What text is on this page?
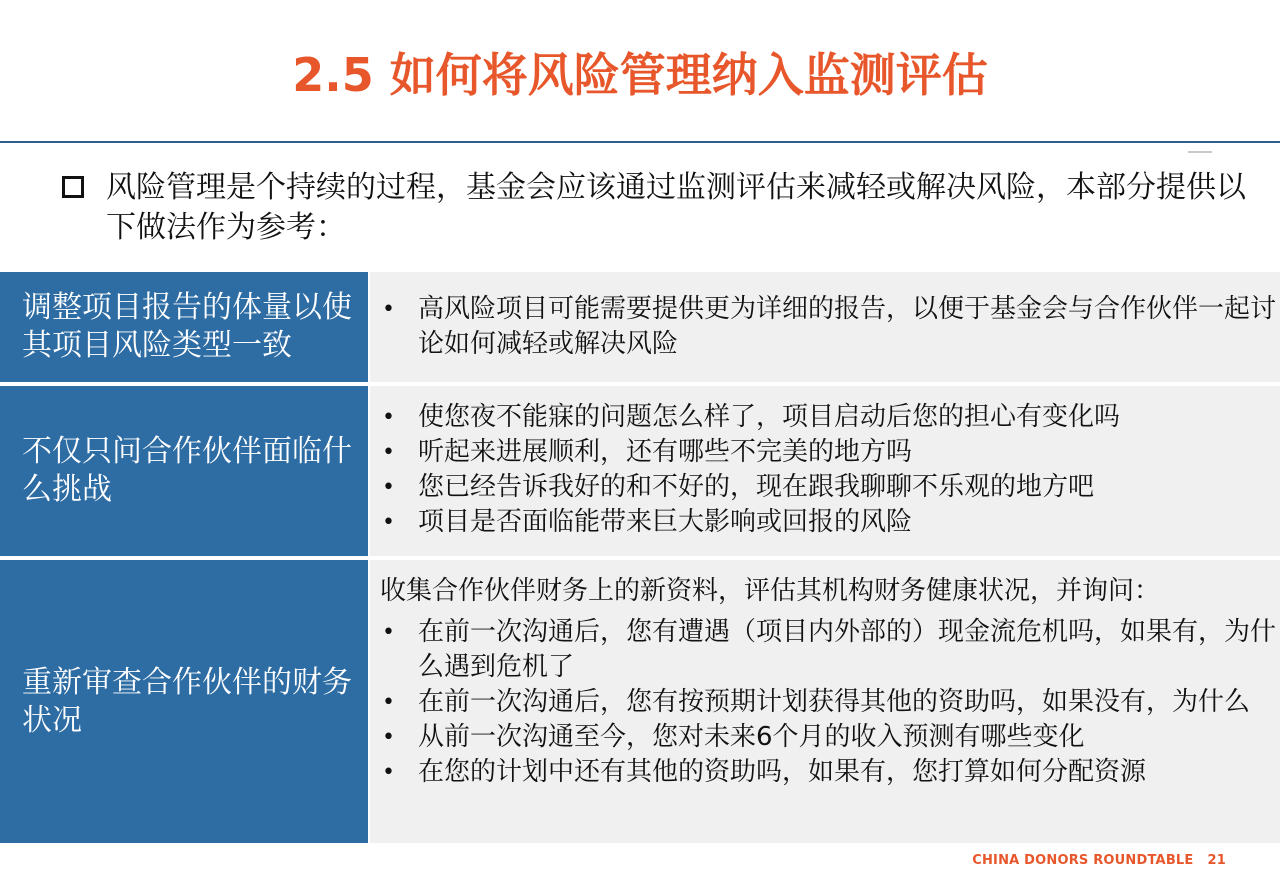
2.5 如何将风险管理纳入监测评估
风险管理是个持续的过程，基金会应该通过监测评估来减轻或解决风险，本部分提供以下做法作为参考：
调整项目报告的体量以使其项目风险类型一致
• 高风险项目可能需要提供更为详细的报告，以便于基金会与合作伙伴一起讨论如何减轻或解决风险
不仅只问合作伙伴面临什么挑战
• 使您夜不能寐的问题怎么样了，项目启动后您的担心有变化吗
• 听起来进展顺利，还有哪些不完美的地方吗
• 您已经告诉我好的和不好的，现在跟我聊聊不乐观的地方吧
• 项目是否面临能带来巨大影响或回报的风险
重新审查合作伙伴的财务状况
收集合作伙伴财务上的新资料，评估其机构财务健康状况，并询问：
• 在前一次沟通后，您有遭遇（项目内外部的）现金流危机吗，如果有，为什么遇到危机了
• 在前一次沟通后，您有按预期计划获得其他的资助吗，如果没有，为什么
• 从前一次沟通至今，您对未来6个月的收入预测有哪些变化
• 在您的计划中还有其他的资助吗，如果有，您打算如何分配资源
CHINA DONORS ROUNDTABLE 21
